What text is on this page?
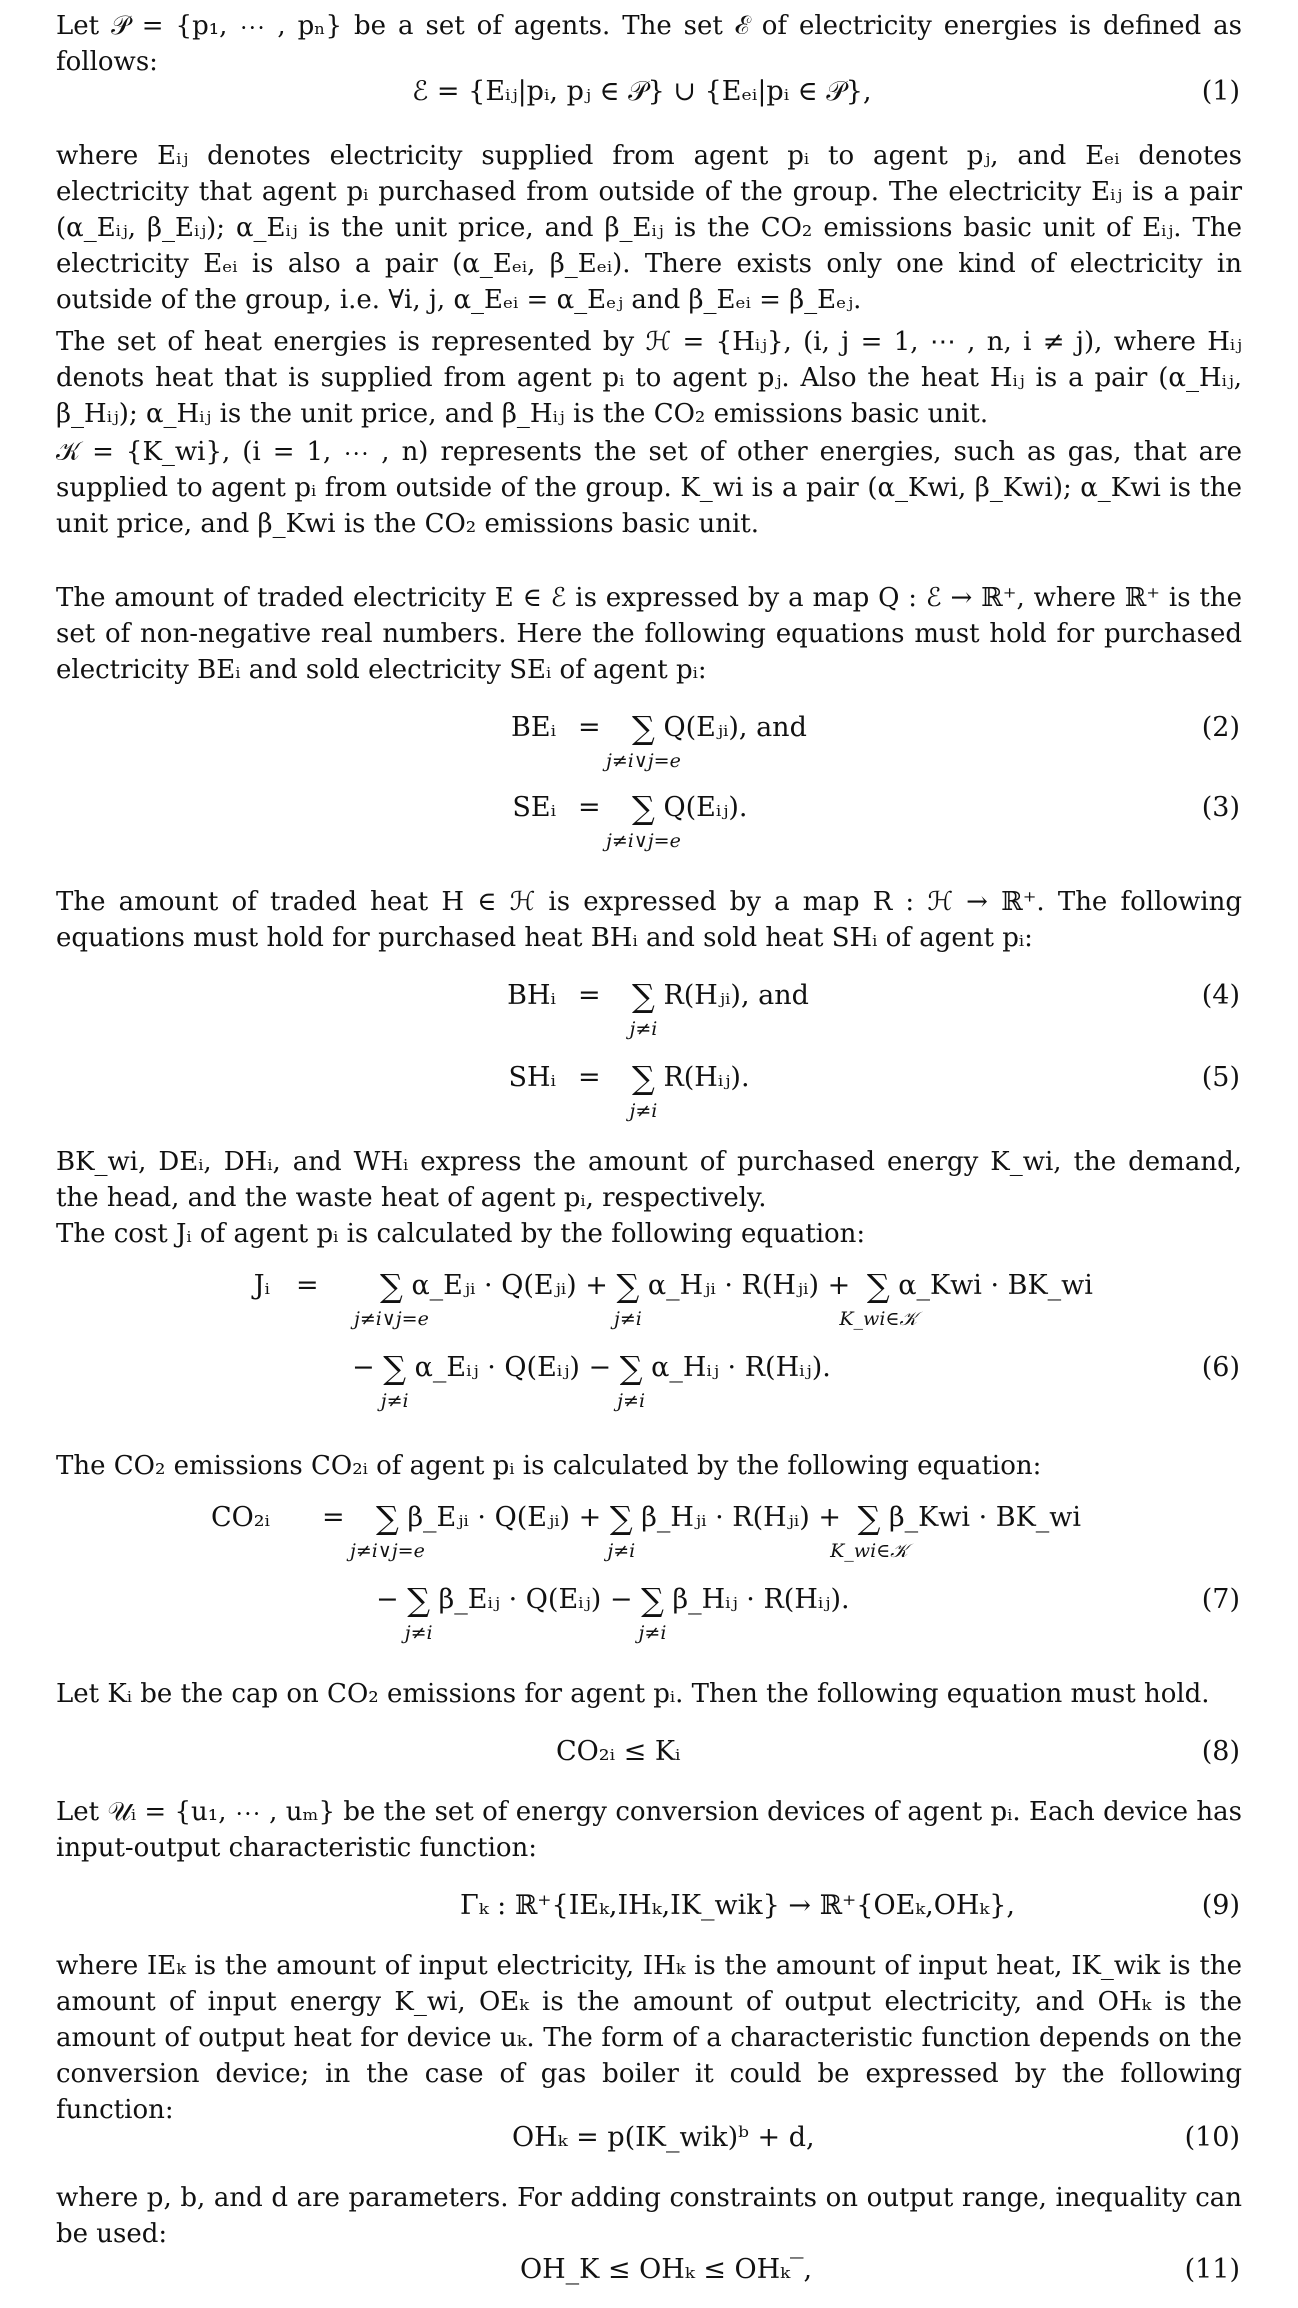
Let 𝒫 = {p₁, ⋯ , pₙ} be a set of agents. The set ℰ of electricity energies is defined as follows:

ℰ = {Eᵢⱼ|pᵢ, pⱼ ∈ 𝒫} ∪ {Eₑᵢ|pᵢ ∈ 𝒫},	(1)

where Eᵢⱼ denotes electricity supplied from agent pᵢ to agent pⱼ, and Eₑᵢ denotes electricity that agent pᵢ purchased from outside of the group. The electricity Eᵢⱼ is a pair (α_Eᵢⱼ, β_Eᵢⱼ); α_Eᵢⱼ is the unit price, and β_Eᵢⱼ is the CO₂ emissions basic unit of Eᵢⱼ. The electricity Eₑᵢ is also a pair (α_Eₑᵢ, β_Eₑᵢ). There exists only one kind of electricity in outside of the group, i.e. ∀i, j, α_Eₑᵢ = α_Eₑⱼ and β_Eₑᵢ = β_Eₑⱼ.

The set of heat energies is represented by ℋ = {Hᵢⱼ}, (i, j = 1, ⋯ , n, i ≠ j), where Hᵢⱼ denots heat that is supplied from agent pᵢ to agent pⱼ. Also the heat Hᵢⱼ is a pair (α_Hᵢⱼ, β_Hᵢⱼ); α_Hᵢⱼ is the unit price, and β_Hᵢⱼ is the CO₂ emissions basic unit.

𝒦 = {K_wi}, (i = 1, ⋯ , n) represents the set of other energies, such as gas, that are supplied to agent pᵢ from outside of the group. K_wi is a pair (α_Kwi, β_Kwi); α_Kwi is the unit price, and β_Kwi is the CO₂ emissions basic unit.

The amount of traded electricity E ∈ ℰ is expressed by a map Q : ℰ → ℝ⁺, where ℝ⁺ is the set of non-negative real numbers. Here the following equations must hold for purchased electricity BEᵢ and sold electricity SEᵢ of agent pᵢ:

BEᵢ = ∑
j≠i∨j=e
Q(Eⱼᵢ), and	(2)
SEᵢ = ∑
j≠i∨j=e
Q(Eᵢⱼ).	(3)

The amount of traded heat H ∈ ℋ is expressed by a map R : ℋ → ℝ⁺. The following equations must hold for purchased heat BHᵢ and sold heat SHᵢ of agent pᵢ:

BHᵢ = ∑
j≠i
R(Hⱼᵢ), and	(4)
SHᵢ = ∑
j≠i
R(Hᵢⱼ).	(5)

BK_wi, DEᵢ, DHᵢ, and WHᵢ express the amount of purchased energy K_wi, the demand, the head, and the waste heat of agent pᵢ, respectively.

The cost Jᵢ of agent pᵢ is calculated by the following equation:

Jᵢ = ∑
j≠i∨j=e
α_Eⱼᵢ · Q(Eⱼᵢ) + ∑
j≠i
α_Hⱼᵢ · R(Hⱼᵢ) + ∑
K_wi∈𝒦
α_Kwi · BK_wi
− ∑
j≠i
α_Eᵢⱼ · Q(Eᵢⱼ) − ∑
j≠i
α_Hᵢⱼ · R(Hᵢⱼ).	(6)

The CO₂ emissions CO₂ᵢ of agent pᵢ is calculated by the following equation:

CO₂ᵢ = ∑
j≠i∨j=e
β_Eⱼᵢ · Q(Eⱼᵢ) + ∑
j≠i
β_Hⱼᵢ · R(Hⱼᵢ) + ∑
K_wi∈𝒦
β_Kwi · BK_wi
− ∑
j≠i
β_Eᵢⱼ · Q(Eᵢⱼ) − ∑
j≠i
β_Hᵢⱼ · R(Hᵢⱼ).	(7)

Let Kᵢ be the cap on CO₂ emissions for agent pᵢ. Then the following equation must hold.

CO₂ᵢ ≤ Kᵢ	(8)

Let 𝒰ᵢ = {u₁, ⋯ , uₘ} be the set of energy conversion devices of agent pᵢ. Each device has input-output characteristic function:

Γₖ : ℝ⁺{IEₖ,IHₖ,IK_wik} → ℝ⁺{OEₖ,OHₖ},	(9)

where IEₖ is the amount of input electricity, IHₖ is the amount of input heat, IK_wik is the amount of input energy K_wi, OEₖ is the amount of output electricity, and OHₖ is the amount of output heat for device uₖ. The form of a characteristic function depends on the conversion device; in the case of gas boiler it could be expressed by the following function:

OHₖ = p(IK_wik)ᵇ + d,	(10)

where p, b, and d are parameters. For adding constraints on output range, inequality can be used:

OH_K ≤ OHₖ ≤ OHₖ‾,	(11)
